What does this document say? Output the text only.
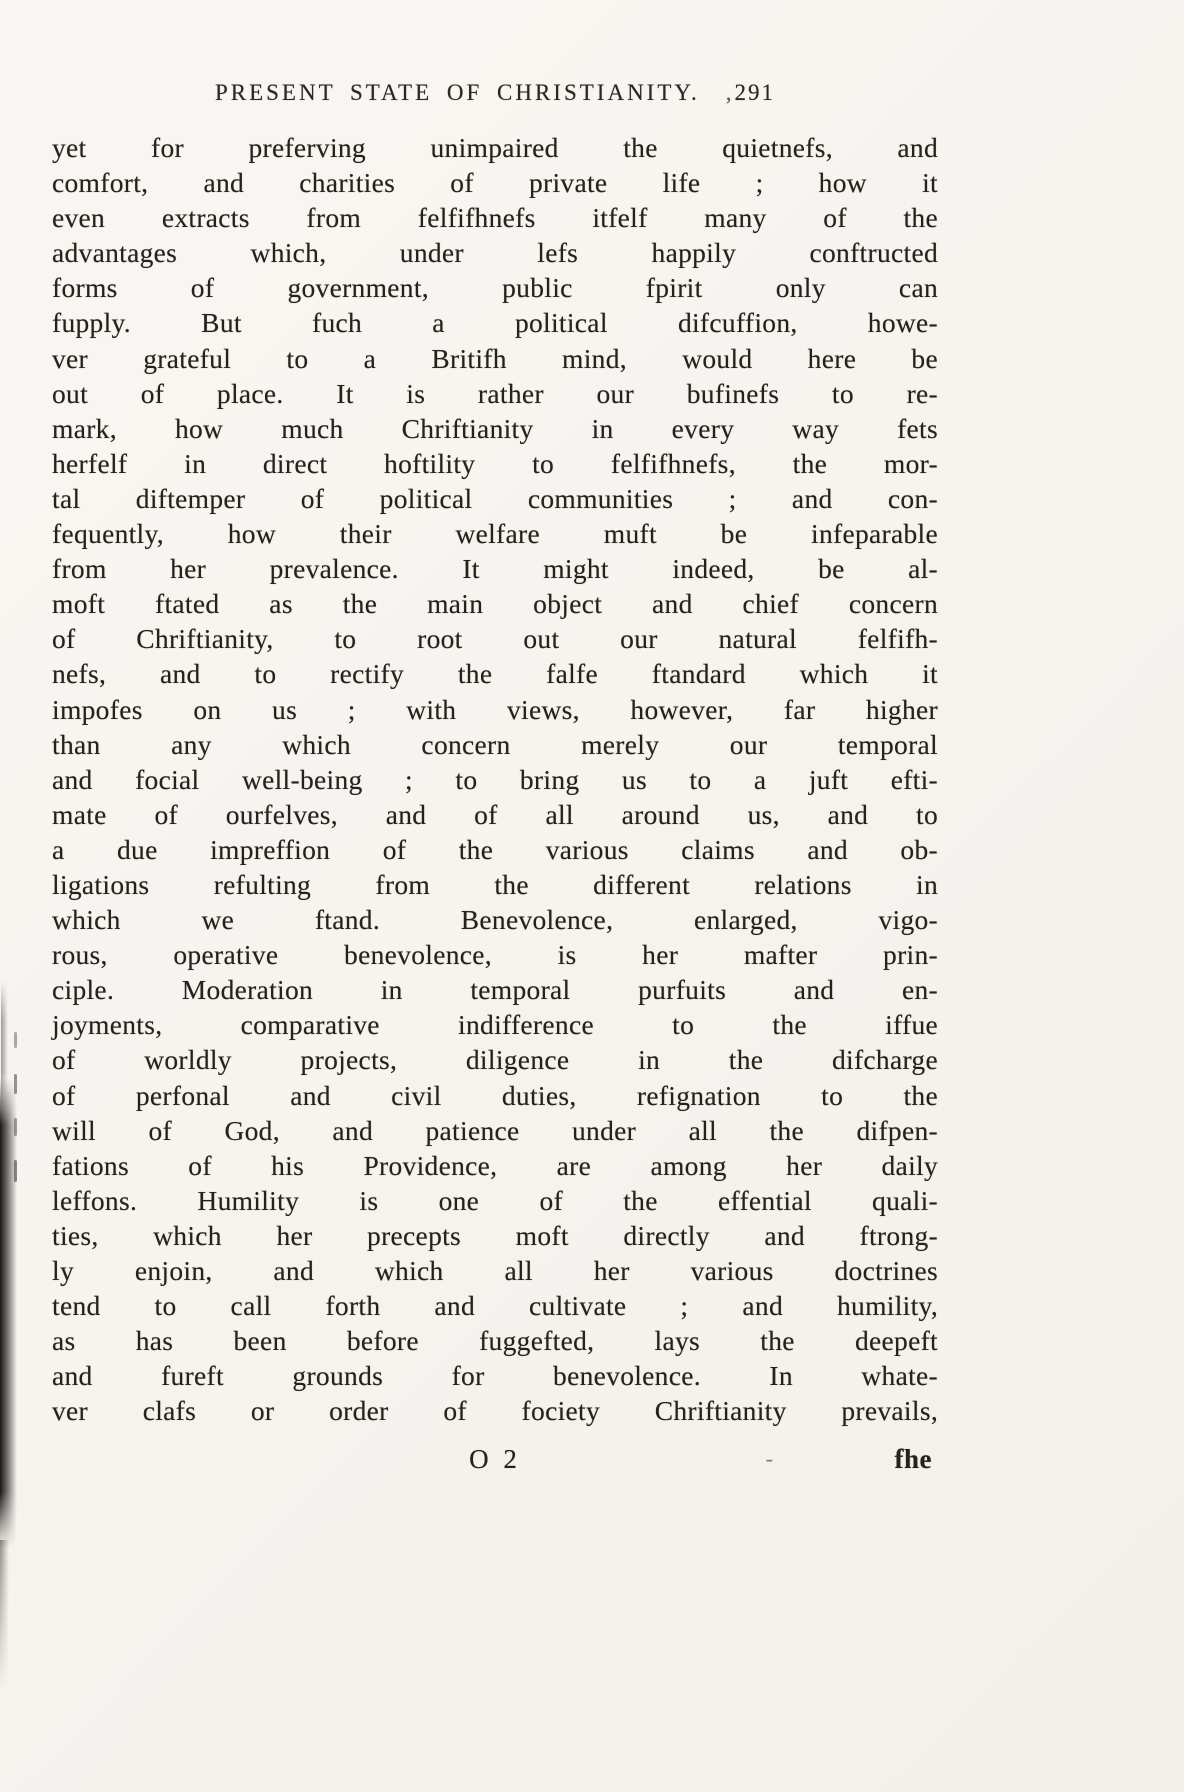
PRESENT STATE OF CHRISTIANITY. ,291
yet for preferving unimpaired the quietnefs, and
comfort, and charities of private life ; how it
even extracts from felfifhnefs itfelf many of the
advantages which, under lefs happily conftructed
forms of government, public fpirit only can
fupply. But fuch a political difcuffion, howe-
ver grateful to a Britifh mind, would here be
out of place. It is rather our bufinefs to re-
mark, how much Chriftianity in every way fets
herfelf in direct hoftility to felfifhnefs, the mor-
tal diftemper of political communities ; and con-
fequently, how their welfare muft be infeparable
from her prevalence. It might indeed, be al-
moft ftated as the main object and chief concern
of Chriftianity, to root out our natural felfifh-
nefs, and to rectify the falfe ftandard which it
impofes on us ; with views, however, far higher
than any which concern merely our temporal
and focial well-being ; to bring us to a juft efti-
mate of ourfelves, and of all around us, and to
a due impreffion of the various claims and ob-
ligations refulting from the different relations in
which we ftand. Benevolence, enlarged, vigo-
rous, operative benevolence, is her mafter prin-
ciple. Moderation in temporal purfuits and en-
joyments, comparative indifference to the iffue
of worldly projects, diligence in the difcharge
of perfonal and civil duties, refignation to the
will of God, and patience under all the difpen-
fations of his Providence, are among her daily
leffons. Humility is one of the effential quali-
ties, which her precepts moft directly and ftrong-
ly enjoin, and which all her various doctrines
tend to call forth and cultivate ; and humility,
as has been before fuggefted, lays the deepeft
and fureft grounds for benevolence. In whate-
ver clafs or order of fociety Chriftianity prevails,
O 2	-	fhe
